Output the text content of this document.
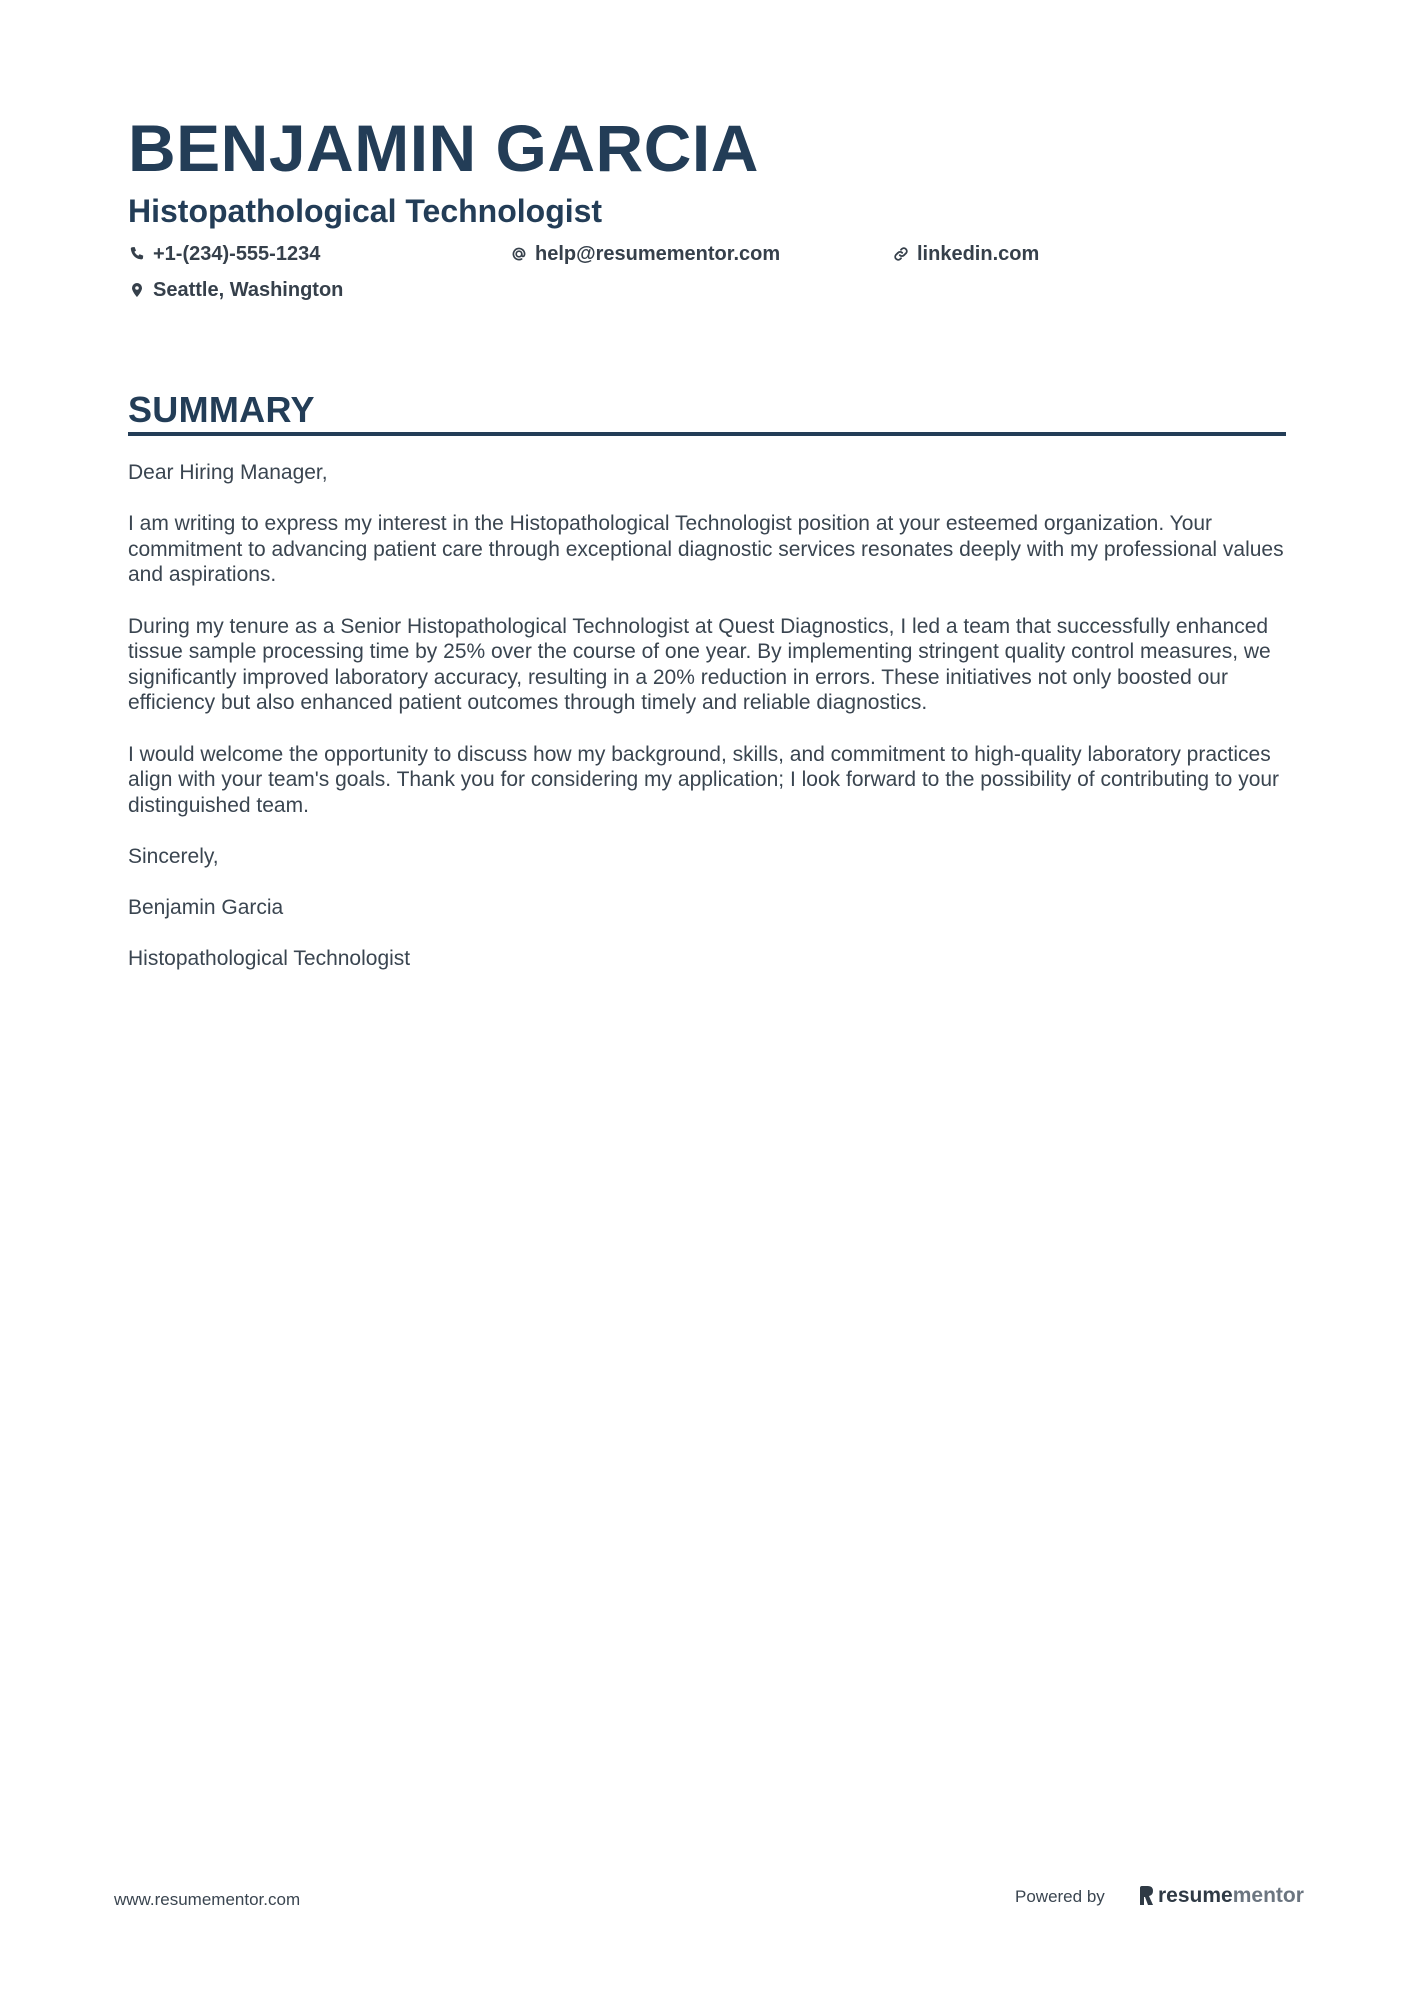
BENJAMIN GARCIA
Histopathological Technologist
+1-(234)-555-1234	help@resumementor.com	linkedin.com
Seattle, Washington
SUMMARY

Dear Hiring Manager,

I am writing to express my interest in the Histopathological Technologist position at your esteemed organization. Your commitment to advancing patient care through exceptional diagnostic services resonates deeply with my professional values and aspirations.

During my tenure as a Senior Histopathological Technologist at Quest Diagnostics, I led a team that successfully enhanced tissue sample processing time by 25% over the course of one year. By implementing stringent quality control measures, we significantly improved laboratory accuracy, resulting in a 20% reduction in errors. These initiatives not only boosted our efficiency but also enhanced patient outcomes through timely and reliable diagnostics.

I would welcome the opportunity to discuss how my background, skills, and commitment to high-quality laboratory practices align with your team's goals. Thank you for considering my application; I look forward to the possibility of contributing to your distinguished team.

Sincerely,

Benjamin Garcia

Histopathological Technologist

www.resumementor.com	Powered by	resume mentor
